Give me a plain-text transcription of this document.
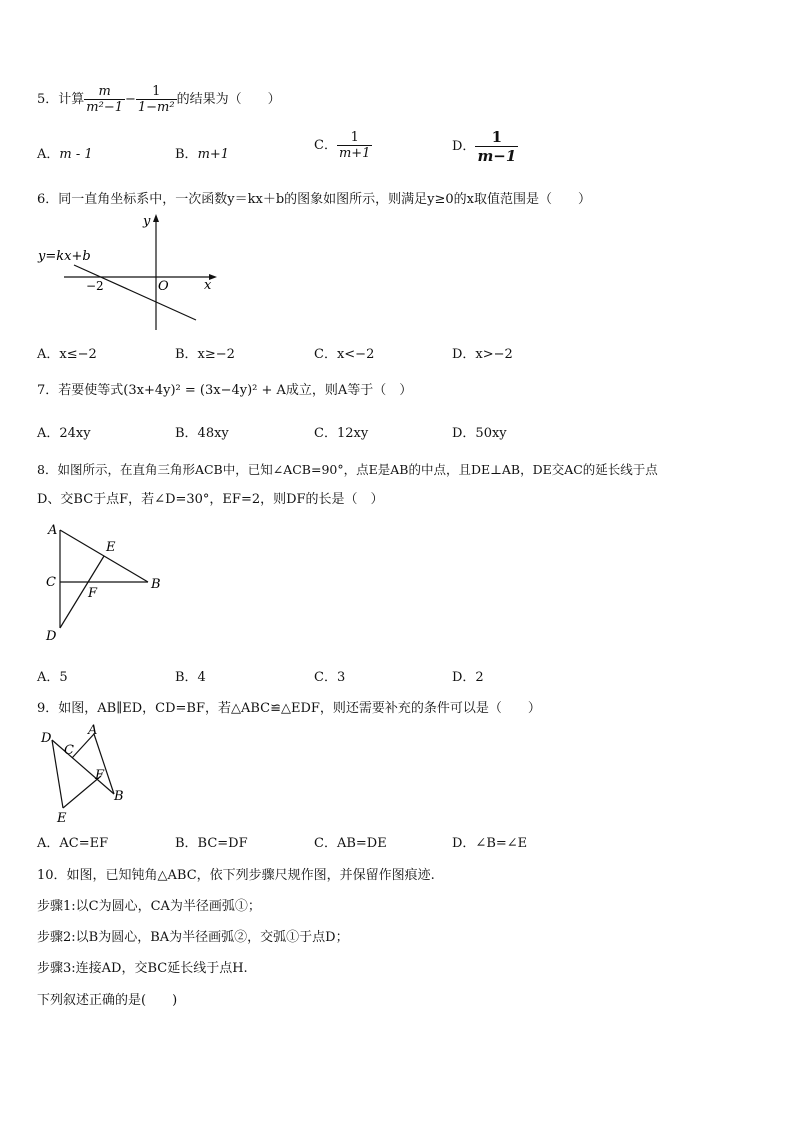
5．计算 $\frac{m}{\text{m²−1}} - \frac{1}{\text{1−m²}}$ 的结果为（　　）
A．m - 1	B．m+1
C． $\frac{1}{m+1}$	D． $\frac{1}{m-1}$
6．同一直角坐标系中，一次函数y＝kx＋b的图象如图所示，则满足y≥0的x取值范围是（　　）
y
x
O
−2
y=kx+b
A．x≤−2	B．x≥−2	C．x<−2	D．x>−2
7．若要使等式(3x+4y)² = (3x−4y)² + A成立，则A等于（　）
A．24xy	B．48xy	C．12xy	D．50xy
8．如图所示，在直角三角形ACB中，已知∠ACB=90°，点E是AB的中点，且DE⊥AB，DE交AC的延长线于点
D、交BC于点F，若∠D=30°，EF=2，则DF的长是（　）
A
E
C	B
F
D
A．5	B．4	C．3	D．2
9．如图，AB∥ED，CD=BF，若△ABC≌△EDF，则还需要补充的条件可以是（　　）
D
C
A
F
B
E
A．AC=EF	B．BC=DF	C．AB=DE	D．∠B=∠E
10．如图，已知钝角△ABC，依下列步骤尺规作图，并保留作图痕迹.
步骤1:以C为圆心，CA为半径画弧①；
步骤2:以B为圆心，BA为半径画弧②，交弧①于点D；
步骤3:连接AD，交BC延长线于点H.
下列叙述正确的是(　　)
